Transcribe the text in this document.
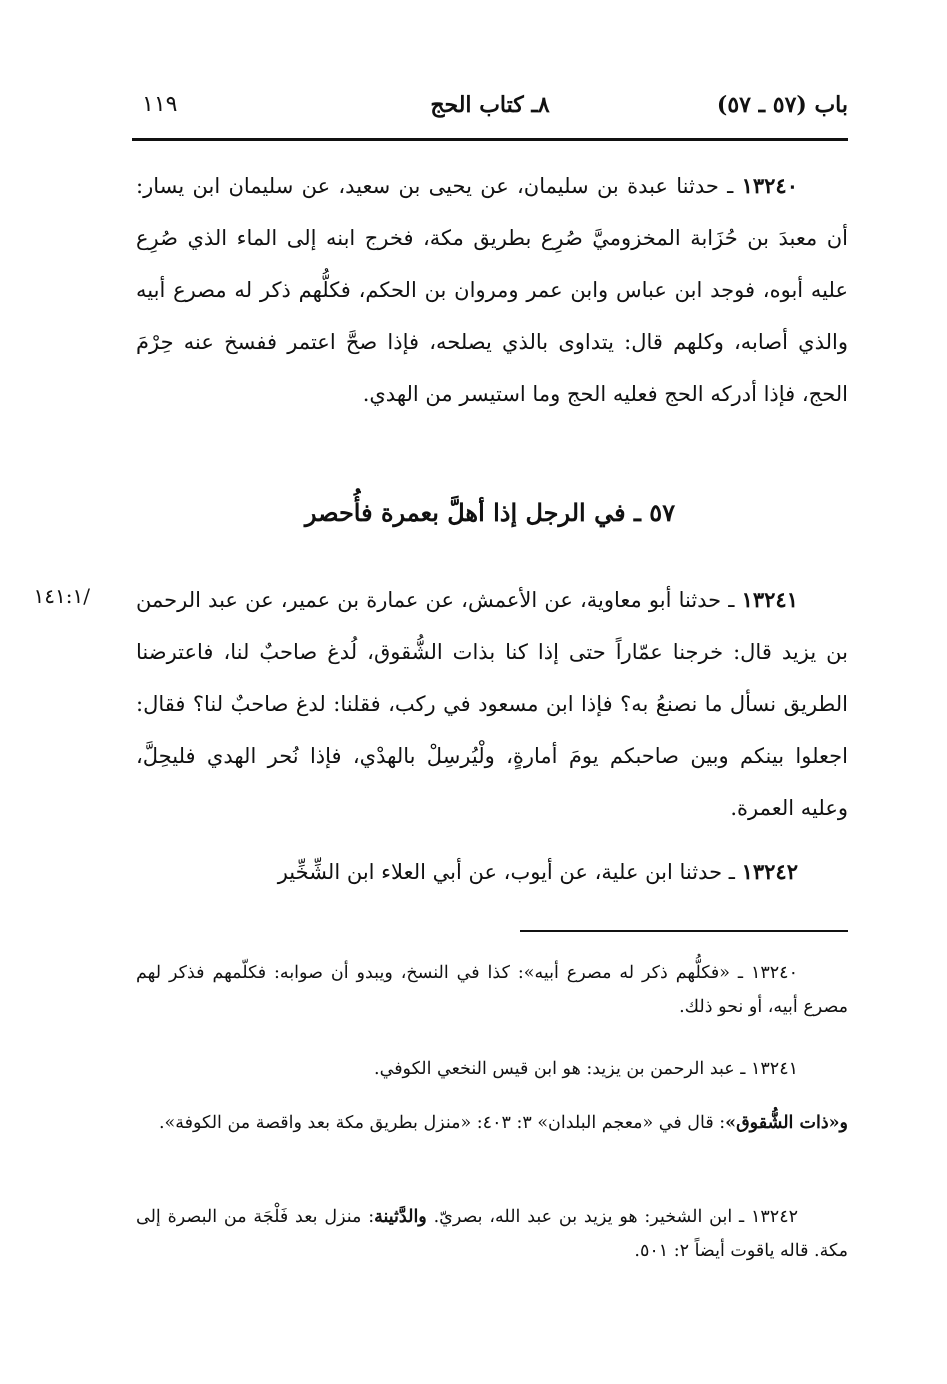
باب (٥٧ ـ ٥٧)
٨ـ كتاب الحج
١١٩

١٣٢٤٠ ـ حدثنا عبدة بن سليمان، عن يحيى بن سعيد، عن سليمان ابن يسار: أن معبدَ بن حُزَابة المخزوميَّ صُرِع بطريق مكة، فخرج ابنه إلى الماء الذي صُرِع عليه أبوه، فوجد ابن عباس وابن عمر ومروان بن الحكم، فكلُّهم ذكر له مصرع أبيه والذي أصابه، وكلهم قال: يتداوى بالذي يصلحه، فإذا صحَّ اعتمر ففسخ عنه حِرْمَ الحج، فإذا أدركه الحج فعليه الحج وما استيسر من الهدي.

٥٧ ـ في الرجل إذا أهلَّ بعمرة فأُحصر
١٤١:١/	١٣٢٤١ ـ حدثنا أبو معاوية، عن الأعمش، عن عمارة بن عمير، عن عبد الرحمن بن يزيد قال: خرجنا عمّاراً حتى إذا كنا بذات الشُّقوق، لُدغ صاحبٌ لنا، فاعترضنا الطريق نسأل ما نصنعُ به؟ فإذا ابن مسعود في ركب، فقلنا: لدغ صاحبٌ لنا؟ فقال: اجعلوا بينكم وبين صاحبكم يومَ أمارةٍ، ولْيُرسِلْ بالهدْي، فإذا نُحر الهدي فليحِلَّ، وعليه العمرة.

١٣٢٤٢ ـ حدثنا ابن علية، عن أيوب، عن أبي العلاء ابن الشِّخِّير

١٣٢٤٠ ـ «فكلُّهم ذكر له مصرع أبيه»: كذا في النسخ، ويبدو أن صوابه: فكلّمهم فذكر لهم مصرع أبيه، أو نحو ذلك.

١٣٢٤١ ـ عبد الرحمن بن يزيد: هو ابن قيس النخعي الكوفي.

و«ذات الشُّقوق»: قال في «معجم البلدان» ٣: ٤٠٣: «منزل بطريق مكة بعد واقصة من الكوفة».

١٣٢٤٢ ـ ابن الشخير: هو يزيد بن عبد الله، بصريّ. والدَّثينة: منزل بعد فَلْجَة من البصرة إلى مكة. قاله ياقوت أيضاً ٢: ٥٠١.
